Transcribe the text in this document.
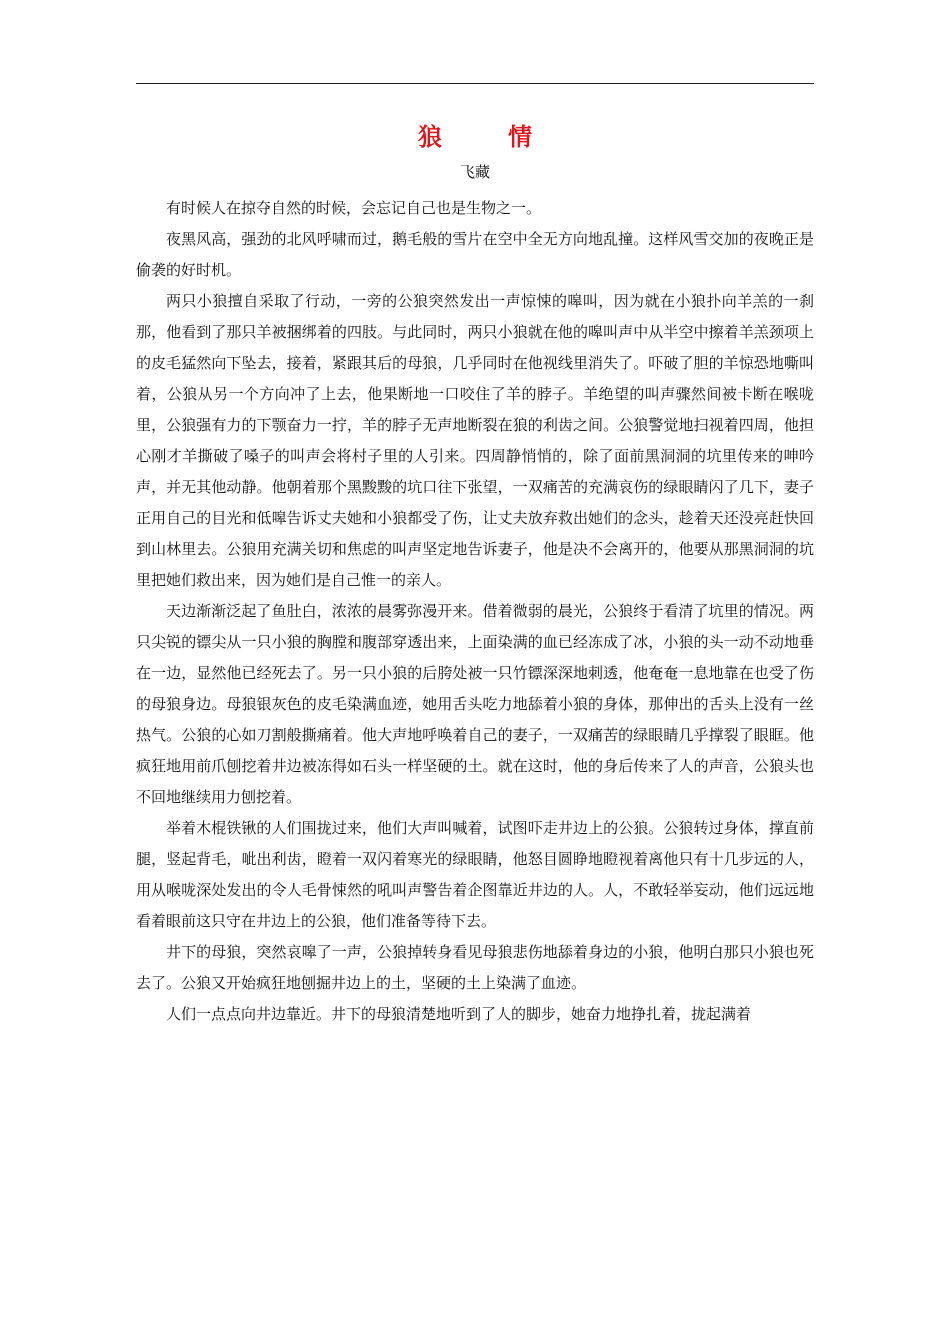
狼	情
飞藏

有时候人在掠夺自然的时候，会忘记自己也是生物之一。

夜黑风高，强劲的北风呼啸而过，鹅毛般的雪片在空中全无方向地乱撞。这样风雪交加的夜晚正是偷袭的好时机。

两只小狼擅自采取了行动，一旁的公狼突然发出一声惊悚的嗥叫，因为就在小狼扑向羊羔的一刹那，他看到了那只羊被捆绑着的四肢。与此同时，两只小狼就在他的嗥叫声中从半空中擦着羊羔颈项上的皮毛猛然向下坠去，接着，紧跟其后的母狼，几乎同时在他视线里消失了。吓破了胆的羊惊恐地嘶叫着，公狼从另一个方向冲了上去，他果断地一口咬住了羊的脖子。羊绝望的叫声骤然间被卡断在喉咙里，公狼强有力的下颚奋力一拧，羊的脖子无声地断裂在狼的利齿之间。公狼警觉地扫视着四周，他担心刚才羊撕破了嗓子的叫声会将村子里的人引来。四周静悄悄的，除了面前黑洞洞的坑里传来的呻吟声，并无其他动静。他朝着那个黑黢黢的坑口往下张望，一双痛苦的充满哀伤的绿眼睛闪了几下，妻子正用自己的目光和低嗥告诉丈夫她和小狼都受了伤，让丈夫放弃救出她们的念头，趁着天还没亮赶快回到山林里去。公狼用充满关切和焦虑的叫声坚定地告诉妻子，他是决不会离开的，他要从那黑洞洞的坑里把她们救出来，因为她们是自己惟一的亲人。

天边渐渐泛起了鱼肚白，浓浓的晨雾弥漫开来。借着微弱的晨光，公狼终于看清了坑里的情况。两只尖锐的镖尖从一只小狼的胸膛和腹部穿透出来，上面染满的血已经冻成了冰，小狼的头一动不动地垂在一边，显然他已经死去了。另一只小狼的后胯处被一只竹镖深深地刺透，他奄奄一息地靠在也受了伤的母狼身边。母狼银灰色的皮毛染满血迹，她用舌头吃力地舔着小狼的身体，那伸出的舌头上没有一丝热气。公狼的心如刀割般撕痛着。他大声地呼唤着自己的妻子，一双痛苦的绿眼睛几乎撑裂了眼眶。他疯狂地用前爪刨挖着井边被冻得如石头一样坚硬的土。就在这时，他的身后传来了人的声音，公狼头也不回地继续用力刨挖着。

举着木棍铁锹的人们围拢过来，他们大声叫喊着，试图吓走井边上的公狼。公狼转过身体，撑直前腿，竖起背毛，呲出利齿，瞪着一双闪着寒光的绿眼睛，他怒目圆睁地瞪视着离他只有十几步远的人，用从喉咙深处发出的令人毛骨悚然的吼叫声警告着企图靠近井边的人。人，不敢轻举妄动，他们远远地看着眼前这只守在井边上的公狼，他们准备等待下去。

井下的母狼，突然哀嗥了一声，公狼掉转身看见母狼悲伤地舔着身边的小狼，他明白那只小狼也死去了。公狼又开始疯狂地刨掘井边上的土，坚硬的土上染满了血迹。

人们一点点向井边靠近。井下的母狼清楚地听到了人的脚步，她奋力地挣扎着，拢起满着
